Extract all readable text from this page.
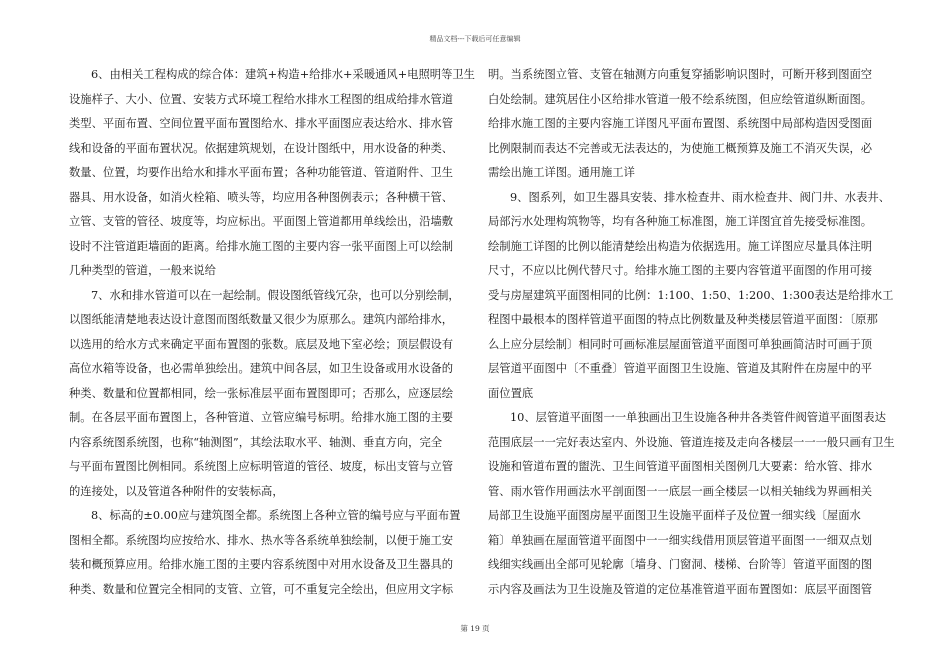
精品文档---下载后可任意编辑
6、由相关工程构成的综合体：建筑+构造+给排水+采暖通风+电照明等卫生
设施样子、大小、位置、安装方式环境工程给水排水工程图的组成给排水管道
类型、平面布置、空间位置平面布置图给水、排水平面图应表达给水、排水管
线和设备的平面布置状况。依据建筑规划，在设计图纸中，用水设备的种类、
数量、位置，均要作出给水和排水平面布置；各种功能管道、管道附件、卫生
器具、用水设备，如消火栓箱、喷头等，均应用各种图例表示；各种横干管、
立管、支管的管径、坡度等，均应标出。平面图上管道都用单线绘出，沿墙敷
设时不注管道距墙面的距离。给排水施工图的主要内容一张平面图上可以绘制
几种类型的管道，一般来说给
7、水和排水管道可以在一起绘制。假设图纸管线冗杂，也可以分别绘制，
以图纸能清楚地表达设计意图而图纸数量又很少为原那么。建筑内部给排水，
以选用的给水方式来确定平面布置图的张数。底层及地下室必绘；顶层假设有
高位水箱等设备，也必需单独绘出。建筑中间各层，如卫生设备或用水设备的
种类、数量和位置都相同，绘一张标准层平面布置图即可；否那么，应逐层绘
制。在各层平面布置图上，各种管道、立管应编号标明。给排水施工图的主要
内容系统图系统图，也称“轴测图”，其绘法取水平、轴测、垂直方向，完全
与平面布置图比例相同。系统图上应标明管道的管径、坡度，标出支管与立管
的连接处，以及管道各种附件的安装标高，
8、标高的±0.00应与建筑图全都。系统图上各种立管的编号应与平面布置
图相全都。系统图均应按给水、排水、热水等各系统单独绘制，以便于施工安
装和概预算应用。给排水施工图的主要内容系统图中对用水设备及卫生器具的
种类、数量和位置完全相同的支管、立管，可不重复完全绘出，但应用文字标
明。当系统图立管、支管在轴测方向重复穿插影响识图时，可断开移到图面空
白处绘制。建筑居住小区给排水管道一般不绘系统图，但应绘管道纵断面图。
给排水施工图的主要内容施工详图凡平面布置图、系统图中局部构造因受图面
比例限制而表达不完善或无法表达的，为使施工概预算及施工不消灭失误，必
需绘出施工详图。通用施工详
9、图系列，如卫生器具安装、排水检查井、雨水检查井、阀门井、水表井、
局部污水处理构筑物等，均有各种施工标准图，施工详图宜首先接受标准图。
绘制施工详图的比例以能清楚绘出构造为依据选用。施工详图应尽量具体注明
尺寸，不应以比例代替尺寸。给排水施工图的主要内容管道平面图的作用可接
受与房屋建筑平面图相同的比例：1:100、1:50、1:200、1:300表达是给排水工
程图中最根本的图样管道平面图的特点比例数量及种类楼层管道平面图：〔原那
么上应分层绘制〕相同时可画标准层屋面管道平面图可单独画简洁时可画于顶
层管道平面图中〔不重叠〕管道平面图卫生设施、管道及其附件在房屋中的平
面位置底
10、层管道平面图一一单独画出卫生设施各种井各类管件阀管道平面图表达
范围底层一一完好表达室内、外设施、管道连接及走向各楼层一一一般只画有卫生
设施和管道布置的盥洗、卫生间管道平面图相关图例几大要素：给水管、排水
管、雨水管作用画法水平剖面图一一底层一画全楼层一以相关轴线为界画相关
局部卫生设施平面图房屋平面图卫生设施平面样子及位置一细实线〔屋面水
箱〕单独画在屋面管道平面图中一一细实线借用顶层管道平面图一一细双点划
线细实线画出全部可见轮廓〔墙身、门窗洞、楼梯、台阶等〕管道平面图的图
示内容及画法为卫生设施及管道的定位基准管道平面布置图如：底层平面图管
第 19 页
